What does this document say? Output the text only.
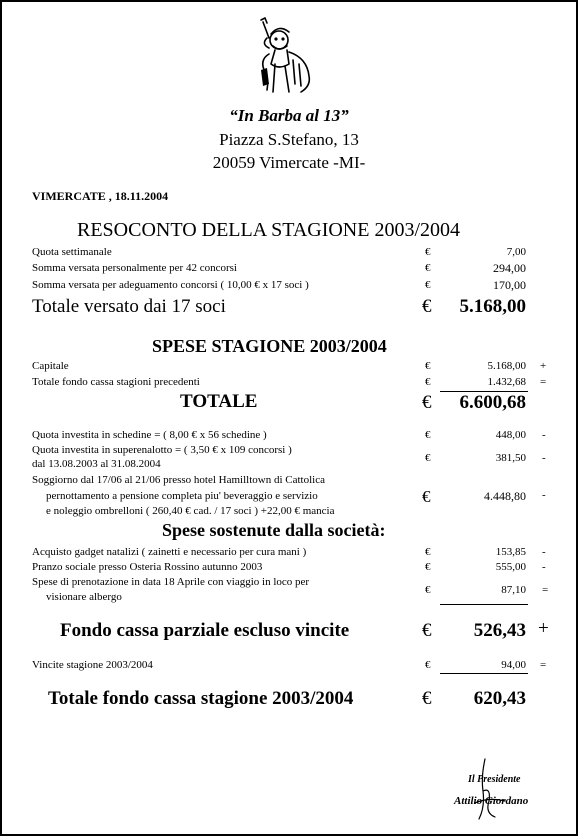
“In Barba al 13”
Piazza S.Stefano, 13
20059 Vimercate -MI-
VIMERCATE , 18.11.2004
RESOCONTO DELLA STAGIONE 2003/2004
Quota settimanale	€	7,00
Somma versata personalmente per 42 concorsi	€	294,00
Somma versata per adeguamento concorsi ( 10,00 € x 17 soci )	€	170,00
Totale versato dai 17 soci	€	5.168,00
SPESE STAGIONE 2003/2004
Capitale	€	5.168,00 +
Totale fondo cassa stagioni precedenti	€	1.432,68 =
TOTALE	€	6.600,68
Quota investita in schedine = ( 8,00 € x 56 schedine )	€	448,00 -
Quota investita in superenalotto = ( 3,50 € x 109 concorsi )
dal 13.08.2003 al 31.08.2004	€	381,50 -
Soggiorno dal 17/06 al 21/06 presso hotel Hamilltown di Cattolica
pernottamento a pensione completa piu' beveraggio e servizio
e noleggio ombrelloni ( 260,40 € cad. / 17 soci ) +22,00 € mancia
€	4.448,80 -
Spese sostenute dalla società:
Acquisto gadget natalizi ( zainetti e necessario per cura mani )	€	153,85 -
Pranzo sociale presso Osteria Rossino autunno 2003	€	555,00 -
Spese di prenotazione in data 18 Aprile con viaggio in loco per
visionare albergo
€	87,10 =
Fondo cassa parziale escluso vincite	€	526,43 +
Vincite stagione 2003/2004	€	94,00 =
Totale fondo cassa stagione 2003/2004	€	620,43
Il Presidente
Attilio Giordano
